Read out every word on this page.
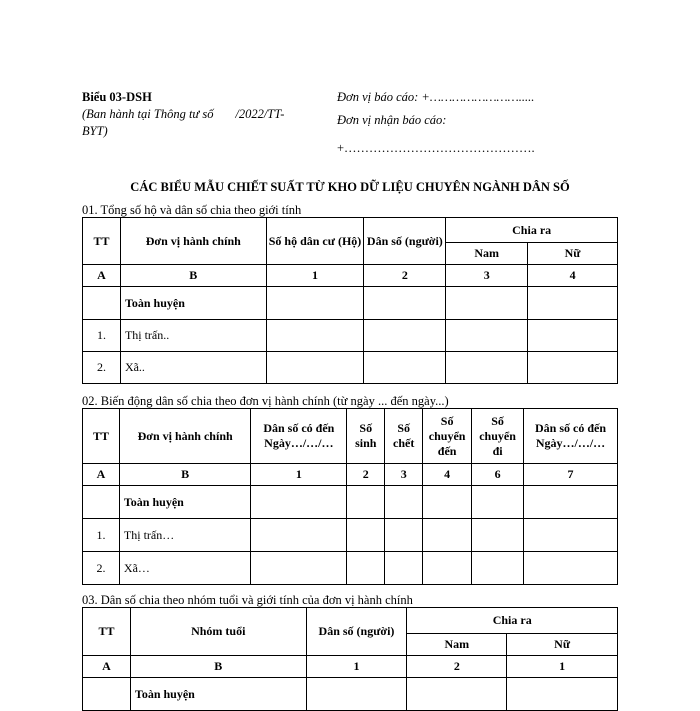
Biểu 03-DSH
(Ban hành tại Thông tư số       /2022/TT-
BYT)
Đơn vị báo cáo: +…………………….....
Đơn vị nhận báo cáo:
+……………………………………….
CÁC BIỂU MẪU CHIẾT SUẤT TỪ KHO DỮ LIỆU CHUYÊN NGÀNH DÂN SỐ
01. Tổng số hộ và dân số chia theo giới tính
TT	Đơn vị hành chính	Số hộ dân cư (Hộ)	Dân số (người)	Chia ra	
				Nam	Nữ
A	B	1	2	3	4
	Toàn huyện				
1.	Thị trấn..				
2.	Xã..				
02. Biến động dân số chia theo đơn vị hành chính (từ ngày ... đến ngày...)
TT	Đơn vị hành chính	Dân số có đến Ngày…/…/…	Số sinh	Số chết	Số chuyển đến	Số chuyển đi	Dân số có đến Ngày…/…/…
A	B	1	2	3	4	6	7
	Toàn huyện						
1.	Thị trấn…						
2.	Xã…						
03. Dân số chia theo nhóm tuổi và giới tính của đơn vị hành chính
TT	Nhóm tuổi	Dân số (người)	Chia ra	
			Nam	Nữ
A	B	1	2	1
	Toàn huyện			
